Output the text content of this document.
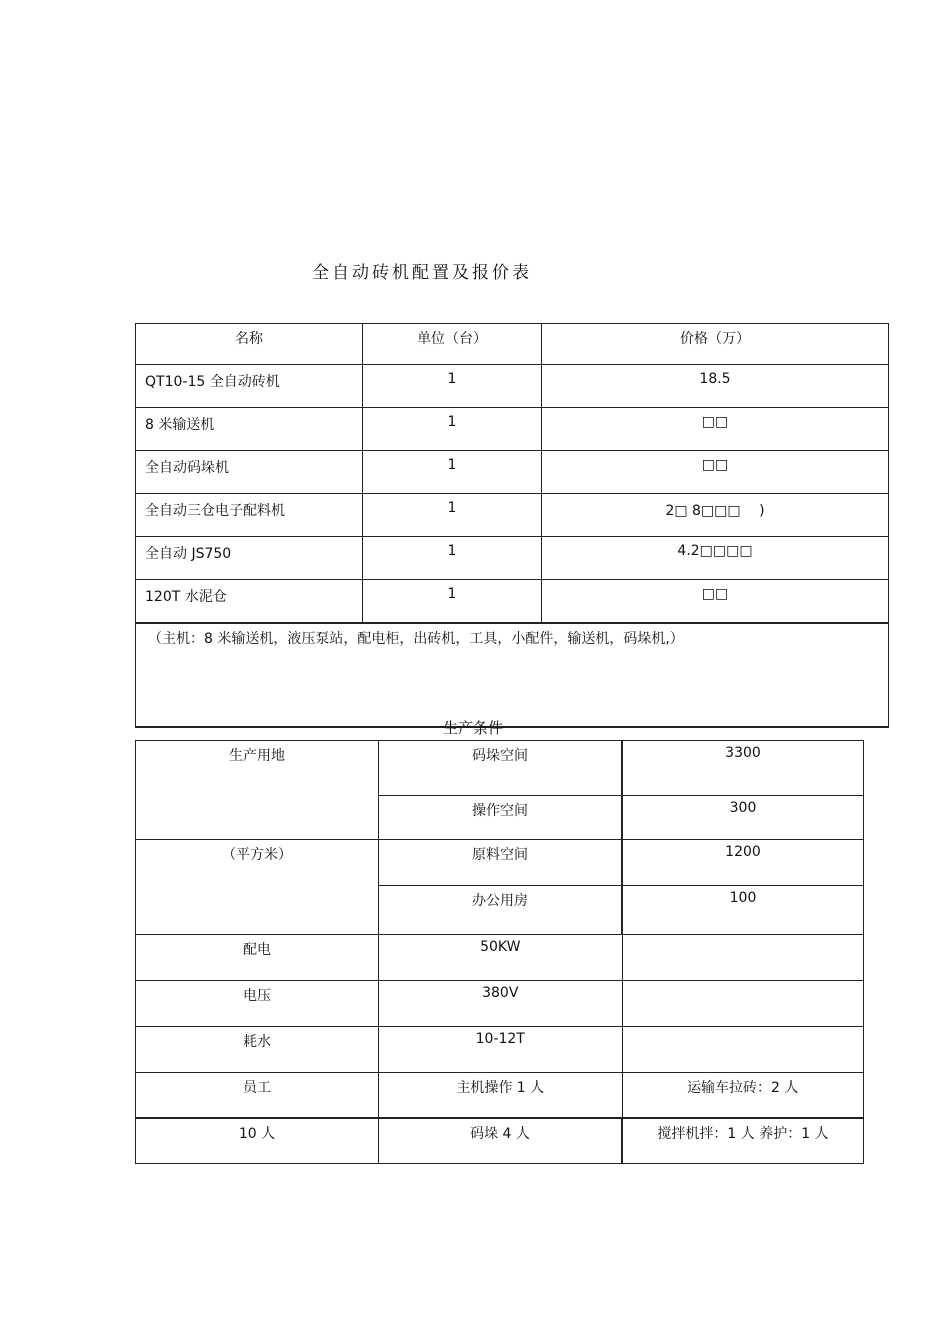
全自动砖机配置及报价表
名称	单位（台）	价格（万）
QT10-15 全自动砖机	1	18.5
8 米输送机	1	□□
全自动码垛机	1	□□
全自动三仓电子配料机	1	2□ 8□□□　 )
全自动 JS750	1	4.2□□□□
120T 水泥仓	1	□□
（主机：8 米输送机，液压泵站，配电柜，出砖机，工具，小配件，输送机，码垛机,）		
生产条件
生产用地	码垛空间	3300
	操作空间	300
（平方米）	原料空间	1200
	办公用房	100
配电	50KW	
电压	380V	
耗水	10-12T	
员工	主机操作 1 人	运输车拉砖：2 人
10 人	码垛 4 人	搅拌机拌：1 人 养护：1 人
